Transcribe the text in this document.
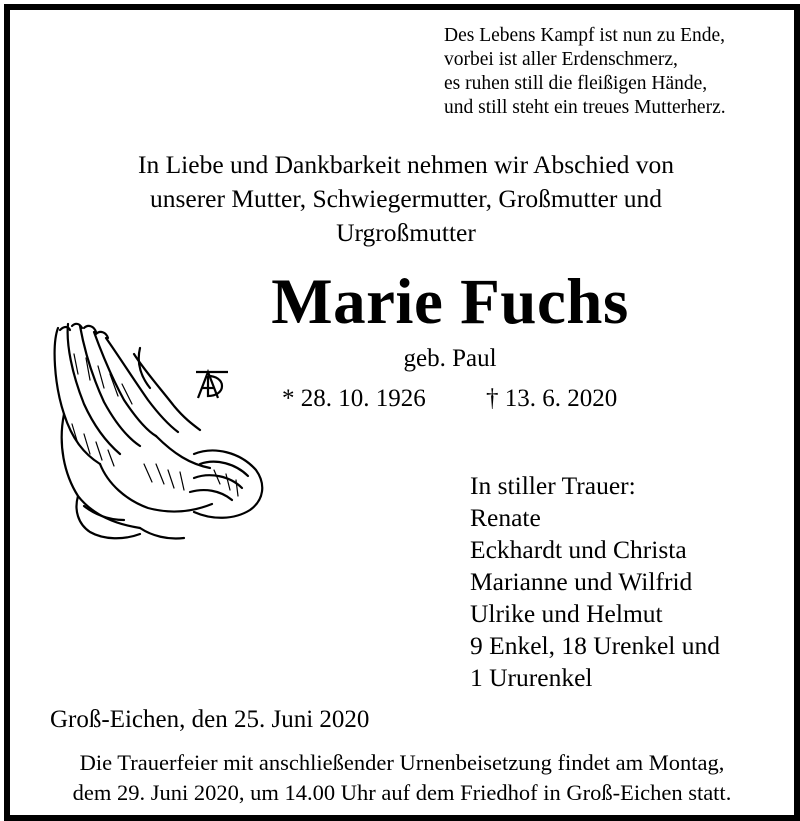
Des Lebens Kampf ist nun zu Ende,
vorbei ist aller Erdenschmerz,
es ruhen still die fleißigen Hände,
und still steht ein treues Mutterherz.
In Liebe und Dankbarkeit nehmen wir Abschied von
unserer Mutter, Schwiegermutter, Großmutter und
Urgroßmutter
Marie Fuchs
geb. Paul
* 28. 10. 1926 † 13. 6. 2020
In stiller Trauer:
Renate
Eckhardt und Christa
Marianne und Wilfrid
Ulrike und Helmut
9 Enkel, 18 Urenkel und
1 Ururenkel
Groß-Eichen, den 25. Juni 2020
Die Trauerfeier mit anschließender Urnenbeisetzung findet am Montag,
dem 29. Juni 2020, um 14.00 Uhr auf dem Friedhof in Groß-Eichen statt.
